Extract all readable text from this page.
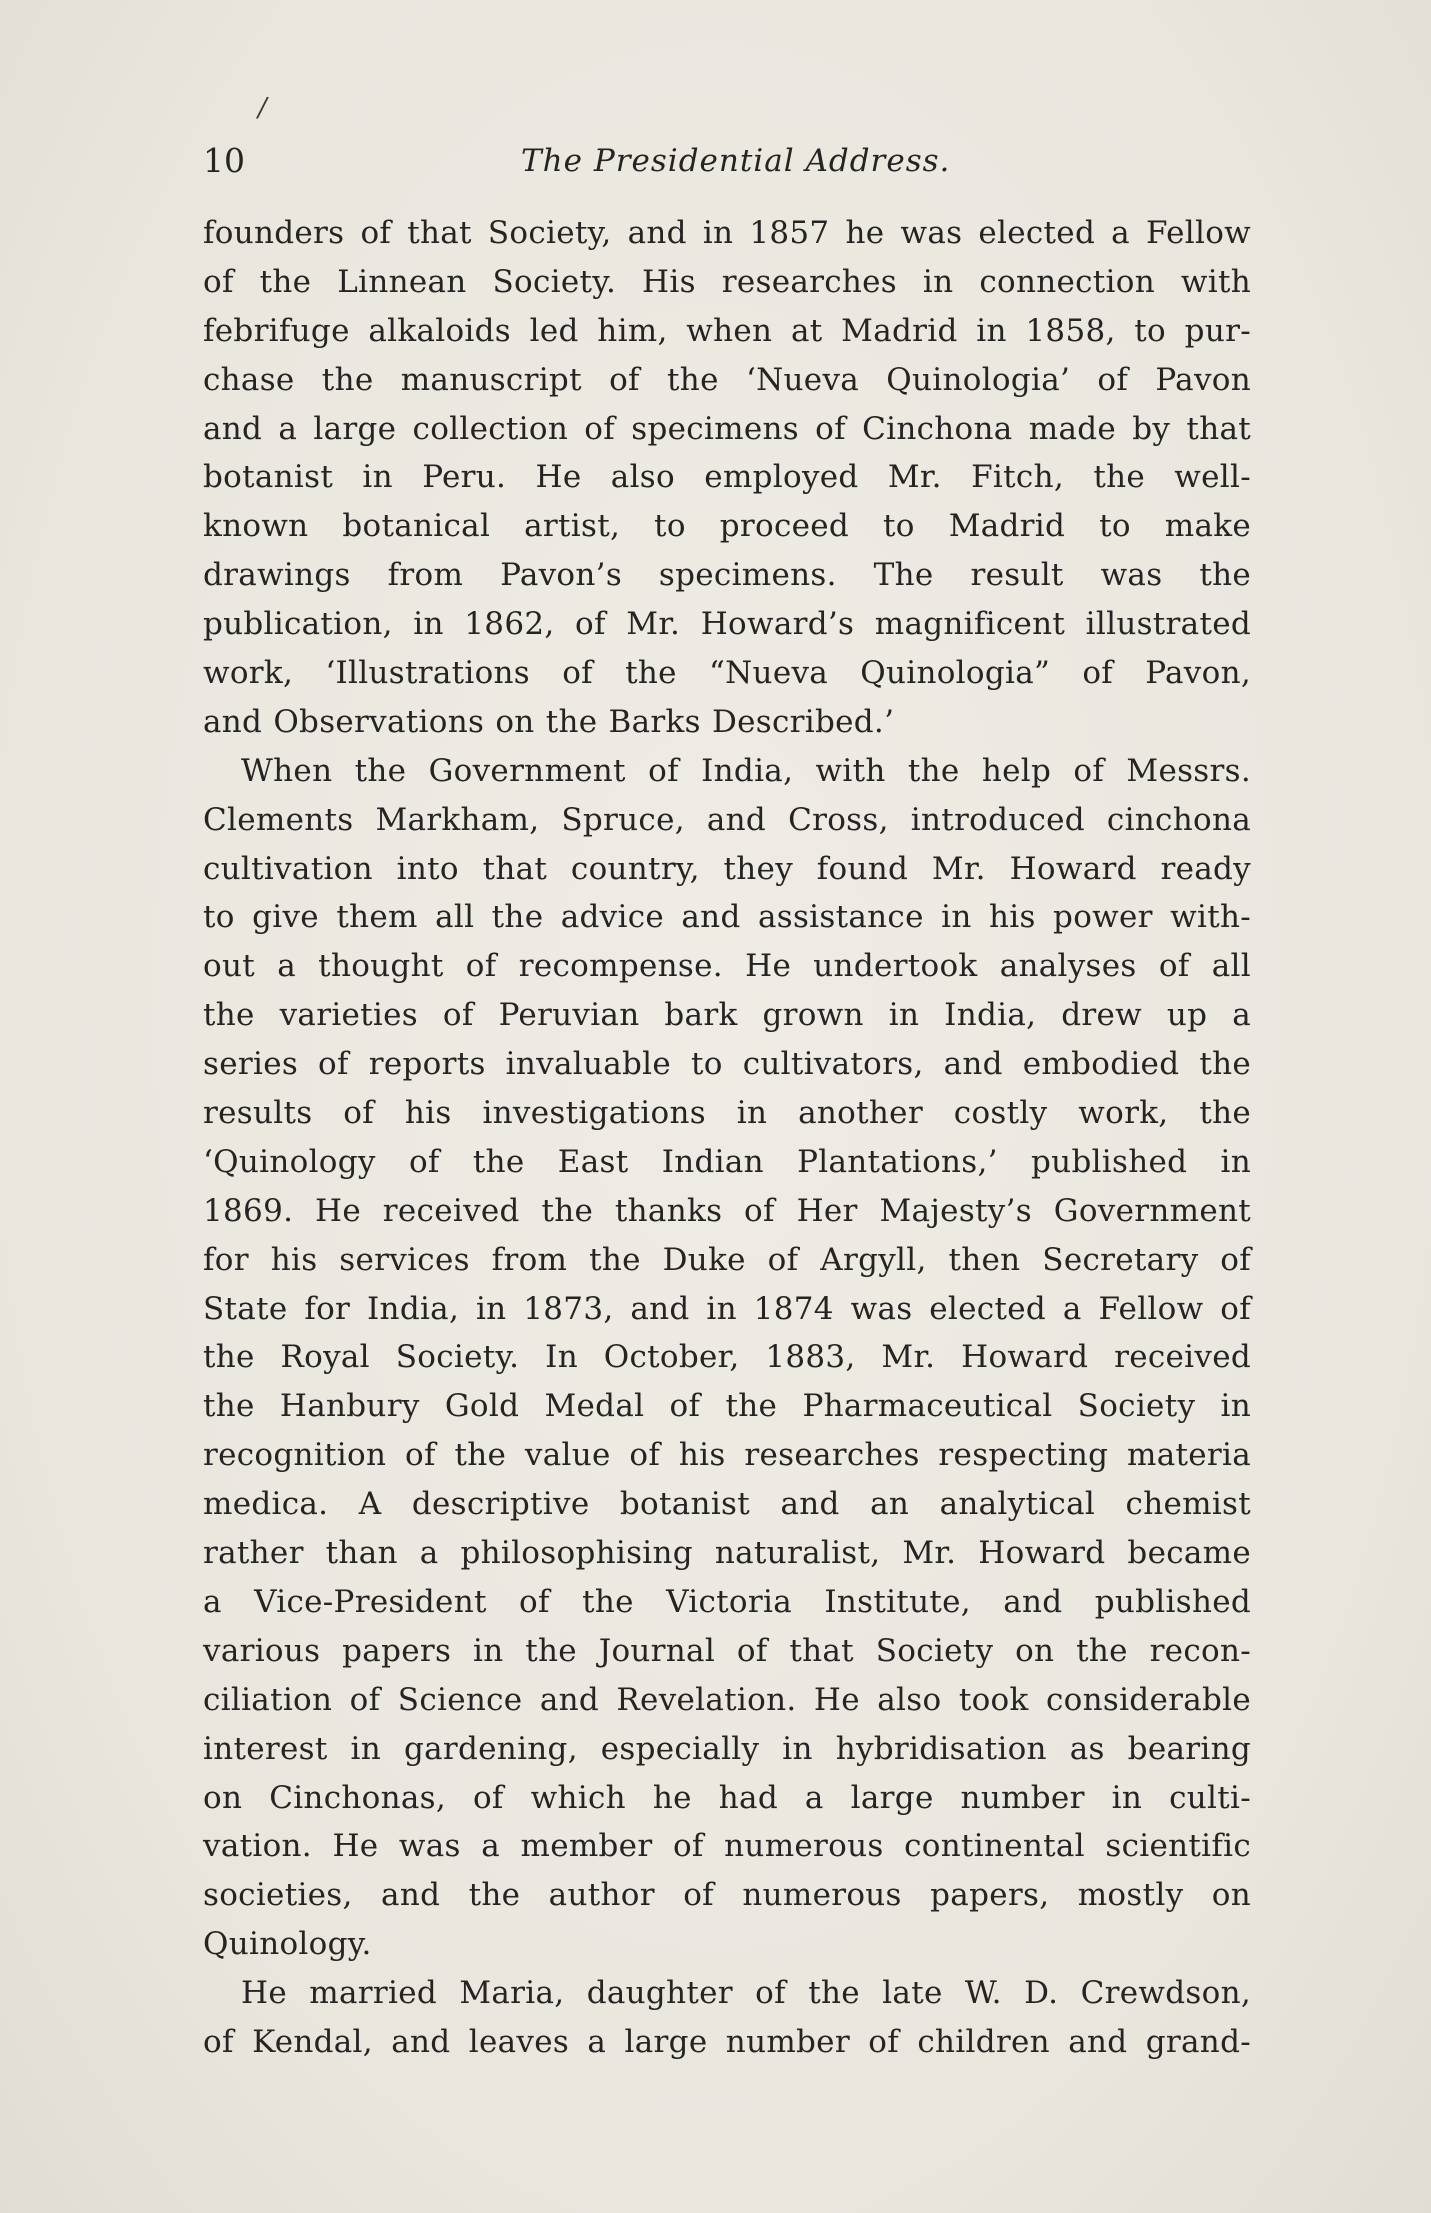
/
10	The Presidential Address.
founders of that Society, and in 1857 he was elected a Fellow
of the Linnean Society. His researches in connection with
febrifuge alkaloids led him, when at Madrid in 1858, to pur-
chase the manuscript of the ‘Nueva Quinologia’ of Pavon
and a large collection of specimens of Cinchona made by that
botanist in Peru. He also employed Mr. Fitch, the well-
known botanical artist, to proceed to Madrid to make
drawings from Pavon’s specimens. The result was the
publication, in 1862, of Mr. Howard’s magnificent illustrated
work, ‘Illustrations of the “Nueva Quinologia” of Pavon,
and Observations on the Barks Described.’
When the Government of India, with the help of Messrs.
Clements Markham, Spruce, and Cross, introduced cinchona
cultivation into that country, they found Mr. Howard ready
to give them all the advice and assistance in his power with-
out a thought of recompense. He undertook analyses of all
the varieties of Peruvian bark grown in India, drew up a
series of reports invaluable to cultivators, and embodied the
results of his investigations in another costly work, the
‘Quinology of the East Indian Plantations,’ published in
1869. He received the thanks of Her Majesty’s Government
for his services from the Duke of Argyll, then Secretary of
State for India, in 1873, and in 1874 was elected a Fellow of
the Royal Society. In October, 1883, Mr. Howard received
the Hanbury Gold Medal of the Pharmaceutical Society in
recognition of the value of his researches respecting materia
medica. A descriptive botanist and an analytical chemist
rather than a philosophising naturalist, Mr. Howard became
a Vice-President of the Victoria Institute, and published
various papers in the Journal of that Society on the recon-
ciliation of Science and Revelation. He also took considerable
interest in gardening, especially in hybridisation as bearing
on Cinchonas, of which he had a large number in culti-
vation. He was a member of numerous continental scientific
societies, and the author of numerous papers, mostly on
Quinology.
He married Maria, daughter of the late W. D. Crewdson,
of Kendal, and leaves a large number of children and grand-
